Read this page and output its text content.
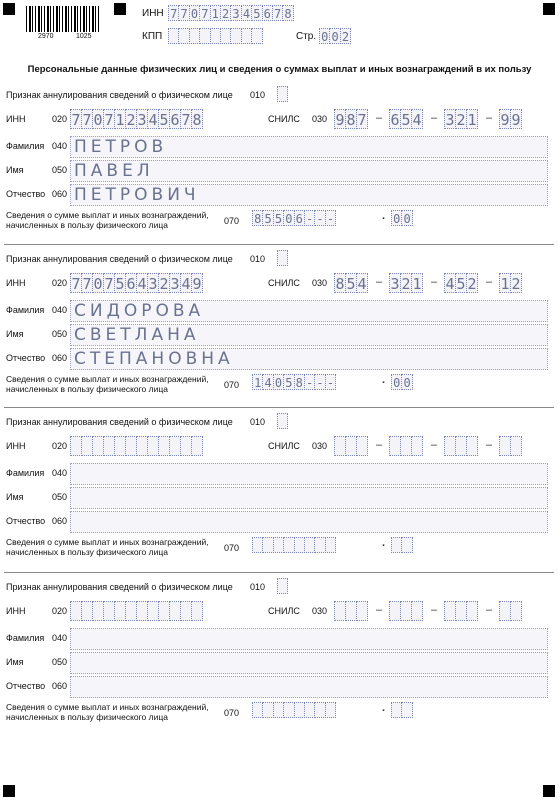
2970	1025
ИНН 7 7 0 7 1 2 3 4 5 6 7 8
КПП	Стр. 0 0 2
Персональные данные физических лиц и сведения о суммах выплат и иных вознаграждений в их пользу
Признак аннулирования сведений о физическом лице 010
ИНН	020 7 7 0 7 1 2 3 4 5 6 7 8	СНИЛС 030 9 8 7 – 6 5 4 – 3 2 1 – 9 9
Фамилия 040 ПЕТРОВ
Имя	050 ПАВЕЛ
Отчество 060 ПЕТРОВИЧ
Сведения о сумме выплат и иных вознаграждений, начисленных в пользу физического лица	070 8 5 5 0 6 - - -	. 0 0
Признак аннулирования сведений о физическом лице 010
ИНН	020 7 7 0 7 5 6 4 3 2 3 4 9	СНИЛС 030 8 5 4 – 3 2 1 – 4 5 2 – 1 2
Фамилия 040 СИДОРОВА
Имя	050 СВЕТЛАНА
Отчество 060 СТЕПАНОВНА
Сведения о сумме выплат и иных вознаграждений, начисленных в пользу физического лица	070 1 4 0 5 8 - - -	. 0 0
Признак аннулирования сведений о физическом лице 010
ИНН	020	СНИЛС 030	–	–	–
Фамилия 040
Имя	050
Отчество 060
Сведения о сумме выплат и иных вознаграждений, начисленных в пользу физического лица	070	.
Признак аннулирования сведений о физическом лице 010
ИНН	020	СНИЛС 030	–	–	–
Фамилия 040
Имя	050
Отчество 060
Сведения о сумме выплат и иных вознаграждений, начисленных в пользу физического лица	070	.
